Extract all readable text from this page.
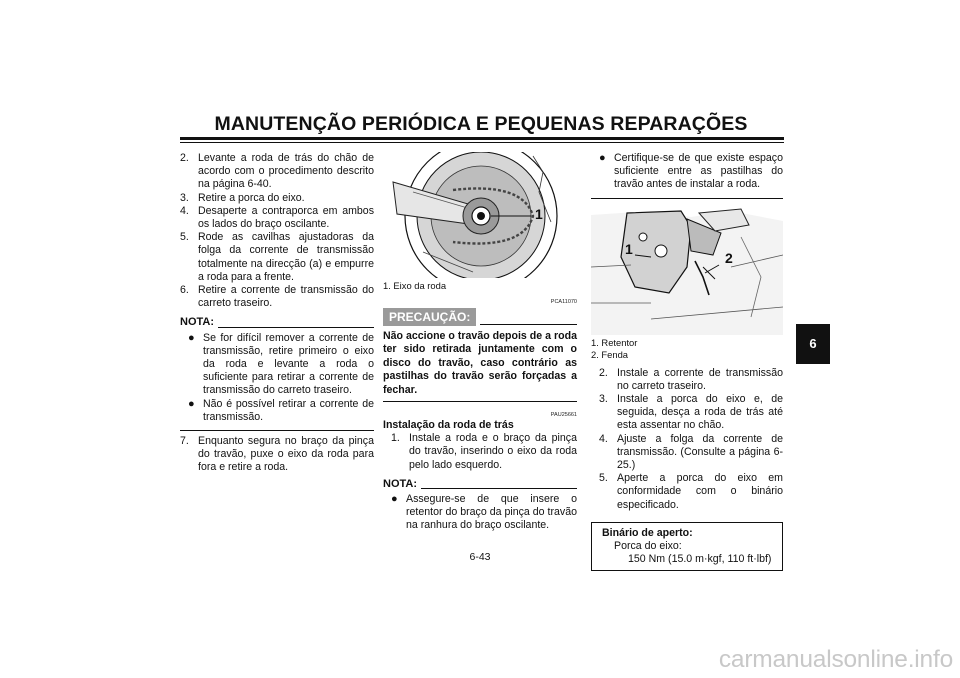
MANUTENÇÃO PERIÓDICA E PEQUENAS REPARAÇÕES
6
2. Levante a roda de trás do chão de acordo com o procedimento descrito na página 6-40.
3. Retire a porca do eixo.
4. Desaperte a contraporca em ambos os lados do braço oscilante.
5. Rode as cavilhas ajustadoras da folga da corrente de transmissão totalmente na direcção (a) e empurre a roda para a frente.
6. Retire a corrente de transmissão do carreto traseiro.
NOTA:
● Se for difícil remover a corrente de transmissão, retire primeiro o eixo da roda e levante a roda o suficiente para retirar a corrente de transmissão do carreto traseiro.
● Não é possível retirar a corrente de transmissão.
7. Enquanto segura no braço da pinça do travão, puxe o eixo da roda para fora e retire a roda.
1
1. Eixo da roda
PCA11070
PRECAUÇÃO:
Não accione o travão depois de a roda ter sido retirada juntamente com o disco do travão, caso contrário as pastilhas do travão serão forçadas a fechar.
PAU25661
Instalação da roda de trás
1. Instale a roda e o braço da pinça do travão, inserindo o eixo da roda pelo lado esquerdo.
NOTA:
● Assegure-se de que insere o retentor do braço da pinça do travão na ranhura do braço oscilante.
● Certifique-se de que existe espaço suficiente entre as pastilhas do travão antes de instalar a roda.
1
2
1. Retentor
2. Fenda
2. Instale a corrente de transmissão no carreto traseiro.
3. Instale a porca do eixo e, de seguida, desça a roda de trás até esta assentar no chão.
4. Ajuste a folga da corrente de transmissão. (Consulte a página 6-25.)
5. Aperte a porca do eixo em conformidade com o binário especificado.
Binário de aperto:
Porca do eixo:
150 Nm (15.0 m·kgf, 110 ft·lbf)
6-43
carmanualsonline.info
